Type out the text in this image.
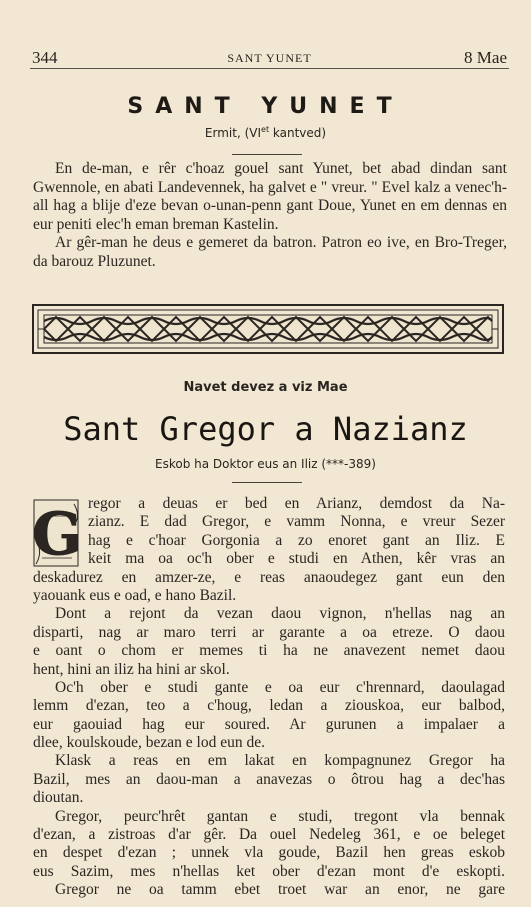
344	SANT YUNET	8 Mae
SANT YUNET
Ermit, ($VI^{et}$ kantved)

En de-man, e rêr c'hoaz gouel sant Yunet, bet abad dindan sant Gwennole, en abati Landevennek, ha galvet e " vreur. " Evel kalz a venec'h-all hag a blije d'eze bevan o-unan-penn gant Doue, Yunet en em dennas en eur peniti elec'h eman breman Kastelin.

Ar gêr-man he deus e gemeret da batron. Patron eo ive, en Bro-Treger, da barouz Pluzunet.

Navet devez a viz Mae
Sant Gregor a Nazianz
Eskob ha Doktor eus an Iliz (***-389)
G regor a deuas er bed en Arianz, demdost da Na-
zianz. E dad Gregor, e vamm Nonna, e vreur Sezer
hag e c'hoar Gorgonia a zo enoret gant an Iliz. E
keit ma oa oc'h ober e studi en Athen, kêr vras an
deskadurez en amzer-ze, e reas anaoudegez gant eun den
yaouank eus e oad, e hano Bazil.
Dont a rejont da vezan daou vignon, n'hellas nag an
disparti, nag ar maro terri ar garante a oa etreze. O daou
e oant o chom er memes ti ha ne anavezent nemet daou
hent, hini an iliz ha hini ar skol.
Oc'h ober e studi gante e oa eur c'hrennard, daoulagad
lemm d'ezan, teo a c'houg, ledan a ziouskoa, eur balbod,
eur gaouiad hag eur soured. Ar gurunen a impalaer a
dlee, koulskoude, bezan e lod eun de.
Klask a reas en em lakat en kompagnunez Gregor ha
Bazil, mes an daou-man a anavezas o ôtrou hag a dec'has
dioutan.
Gregor, peurc'hrêt gantan e studi, tregont vla bennak
d'ezan, a zistroas d'ar gêr. Da ouel Nedeleg 361, e oe beleget
en despet d'ezan ; unnek vla goude, Bazil hen greas eskob
eus Sazim, mes n'hellas ket ober d'ezan mont d'e eskopti.
Gregor ne oa tamm ebet troet war an enor, ne gare
